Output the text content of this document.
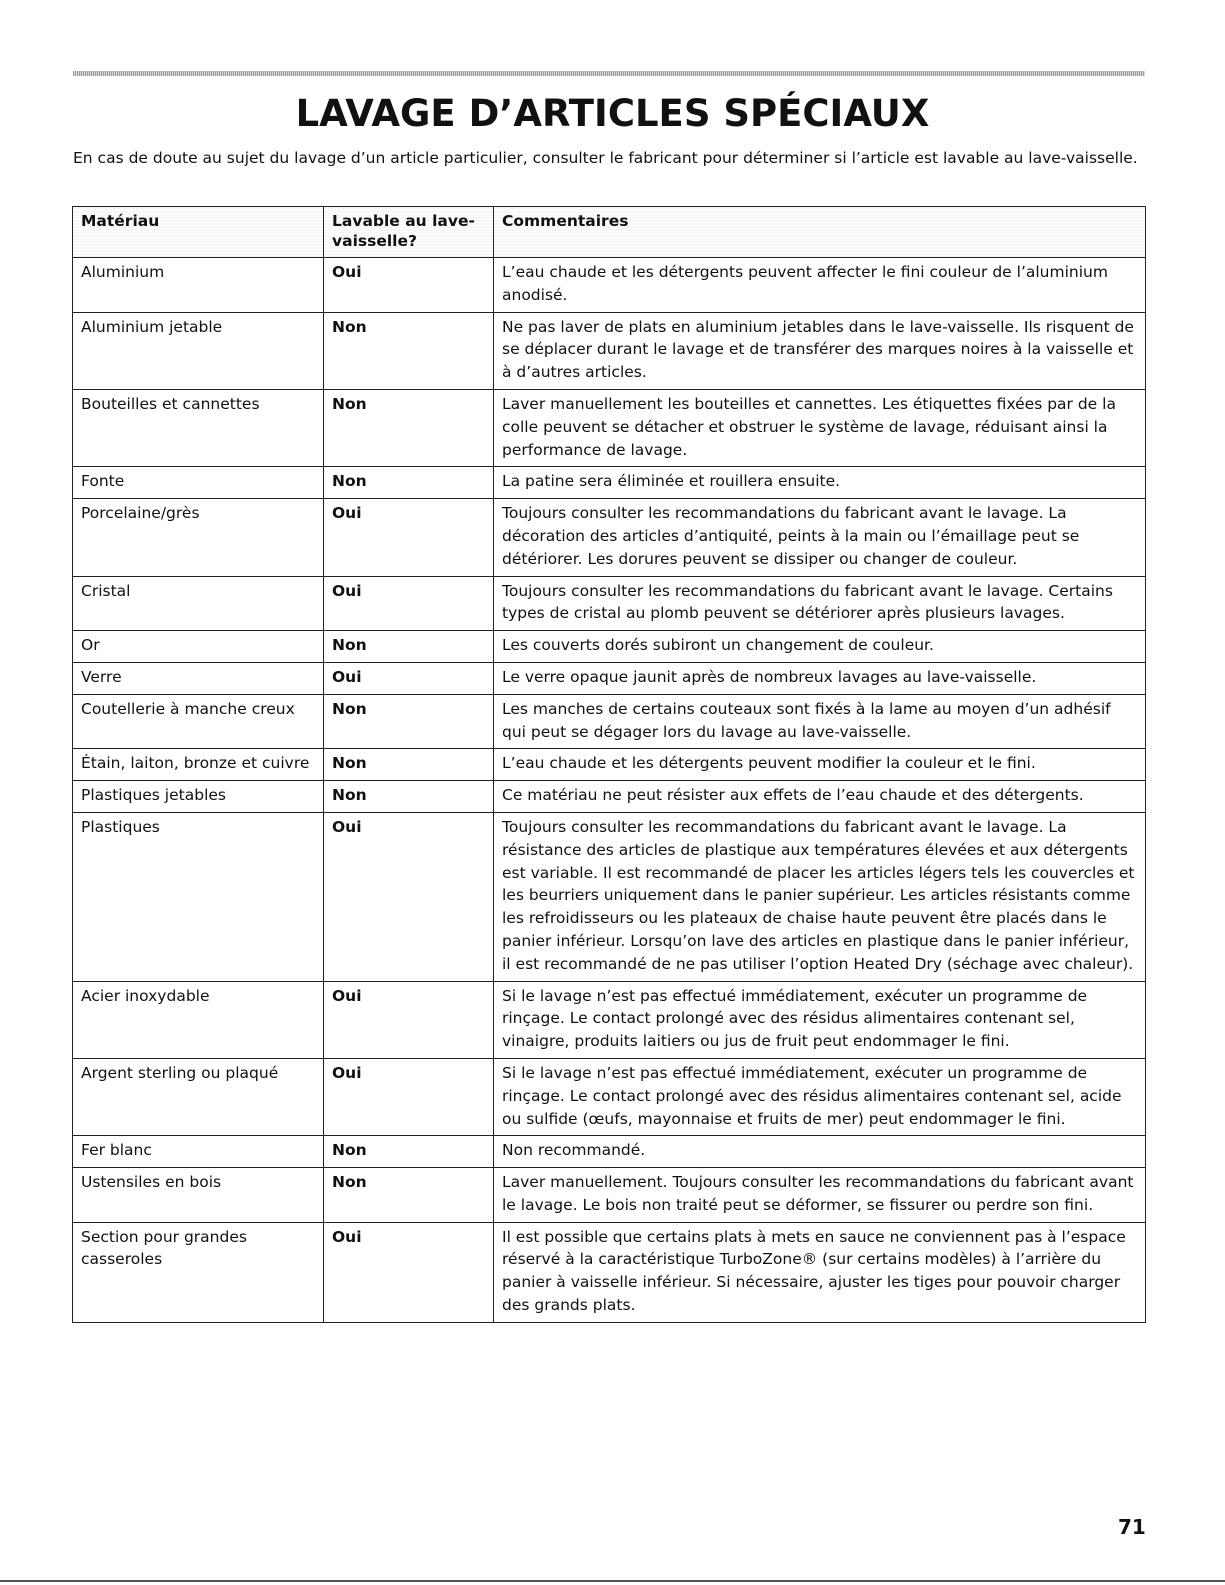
LAVAGE D’ARTICLES SPÉCIAUX

En cas de doute au sujet du lavage d’un article particulier, consulter le fabricant pour déterminer si l’article est lavable au lave-vaisselle.

Matériau	Lavable au lave-vaisselle?	Commentaires
Aluminium	Oui	L’eau chaude et les détergents peuvent affecter le fini couleur de l’aluminium anodisé.
Aluminium jetable	Non	Ne pas laver de plats en aluminium jetables dans le lave-vaisselle. Ils risquent de se déplacer durant le lavage et de transférer des marques noires à la vaisselle et à d’autres articles.
Bouteilles et cannettes	Non	Laver manuellement les bouteilles et cannettes. Les étiquettes fixées par de la colle peuvent se détacher et obstruer le système de lavage, réduisant ainsi la performance de lavage.
Fonte	Non	La patine sera éliminée et rouillera ensuite.
Porcelaine/grès	Oui	Toujours consulter les recommandations du fabricant avant le lavage. La décoration des articles d’antiquité, peints à la main ou l’émaillage peut se détériorer. Les dorures peuvent se dissiper ou changer de couleur.
Cristal	Oui	Toujours consulter les recommandations du fabricant avant le lavage. Certains types de cristal au plomb peuvent se détériorer après plusieurs lavages.
Or	Non	Les couverts dorés subiront un changement de couleur.
Verre	Oui	Le verre opaque jaunit après de nombreux lavages au lave-vaisselle.
Coutellerie à manche creux	Non	Les manches de certains couteaux sont fixés à la lame au moyen d’un adhésif qui peut se dégager lors du lavage au lave-vaisselle.
Étain, laiton, bronze et cuivre	Non	L’eau chaude et les détergents peuvent modifier la couleur et le fini.
Plastiques jetables	Non	Ce matériau ne peut résister aux effets de l’eau chaude et des détergents.
Plastiques	Oui	Toujours consulter les recommandations du fabricant avant le lavage. La résistance des articles de plastique aux températures élevées et aux détergents est variable. Il est recommandé de placer les articles légers tels les couvercles et les beurriers uniquement dans le panier supérieur. Les articles résistants comme les refroidisseurs ou les plateaux de chaise haute peuvent être placés dans le panier inférieur. Lorsqu’on lave des articles en plastique dans le panier inférieur, il est recommandé de ne pas utiliser l’option Heated Dry (séchage avec chaleur).
Acier inoxydable	Oui	Si le lavage n’est pas effectué immédiatement, exécuter un programme de rinçage. Le contact prolongé avec des résidus alimentaires contenant sel, vinaigre, produits laitiers ou jus de fruit peut endommager le fini.
Argent sterling ou plaqué	Oui	Si le lavage n’est pas effectué immédiatement, exécuter un programme de rinçage. Le contact prolongé avec des résidus alimentaires contenant sel, acide ou sulfide (œufs, mayonnaise et fruits de mer) peut endommager le fini.
Fer blanc	Non	Non recommandé.
Ustensiles en bois	Non	Laver manuellement. Toujours consulter les recommandations du fabricant avant le lavage. Le bois non traité peut se déformer, se fissurer ou perdre son fini.
Section pour grandes casseroles	Oui	Il est possible que certains plats à mets en sauce ne conviennent pas à l’espace réservé à la caractéristique TurboZone® (sur certains modèles) à l’arrière du panier à vaisselle inférieur. Si nécessaire, ajuster les tiges pour pouvoir charger des grands plats.

71
